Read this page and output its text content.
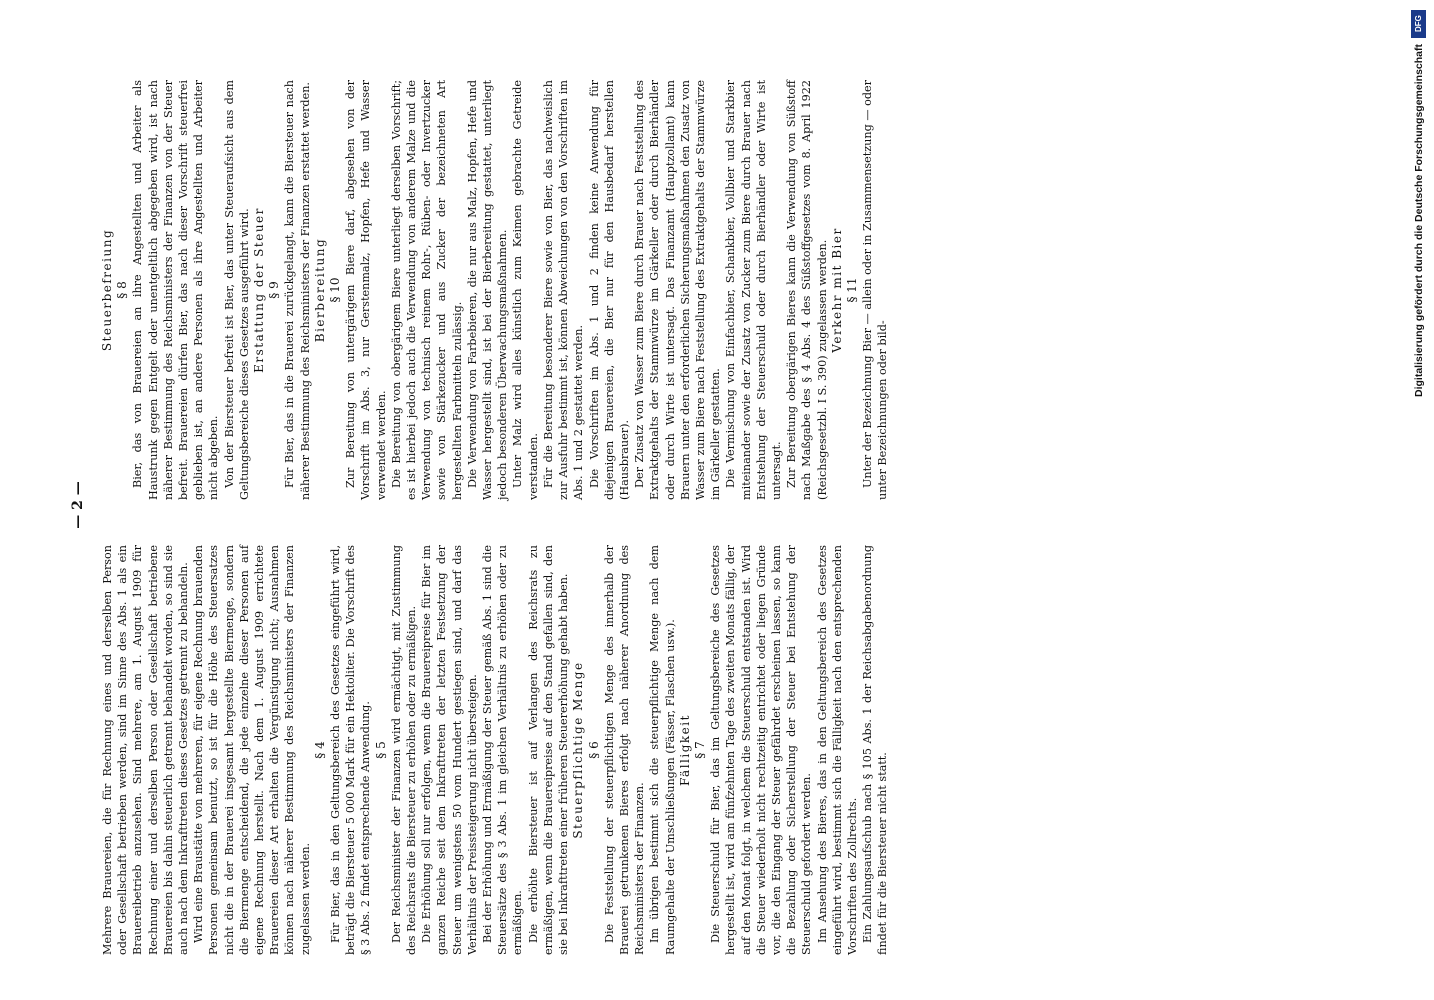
DFG
Digitalisierung gefördert durch die Deutsche Forschungsgemeinschaft
— 2 —

Mehrere Brauereien, die für Rechnung eines und derselben Person oder Gesellschaft betrieben werden, sind im Sinne des Abs. 1 als ein Brauereibetrieb anzusehen. Sind mehrere, am 1. August 1909 für Rechnung einer und derselben Person oder Gesellschaft betriebene Brauereien bis dahin steuerlich getrennt behandelt worden, so sind sie auch nach dem Inkrafttreten dieses Gesetzes getrennt zu behandeln. Wird eine Braustätte von mehreren, für eigene Rechnung brauenden Personen gemeinsam benutzt, so ist für die Höhe des Steuersatzes nicht die in der Brauerei insgesamt hergestellte Biermenge, sondern die Biermenge entscheidend, die jede einzelne dieser Personen auf eigene Rechnung herstellt. Nach dem 1. August 1909 errichtete Brauereien dieser Art erhalten die Vergünstigung nicht; Ausnahmen können nach näherer Bestimmung des Reichsministers der Finanzen zugelassen werden.

§ 4 Für Bier, das in den Geltungsbereich des Gesetzes eingeführt wird, beträgt die Biersteuer 5 000 Mark für ein Hektoliter. Die Vorschrift des § 3 Abs. 2 findet entsprechende Anwendung. § 5 Der Reichsminister der Finanzen wird ermächtigt, mit Zustimmung des Reichsrats die Biersteuer zu erhöhen oder zu ermäßigen. Die Erhöhung soll nur erfolgen, wenn die Brauereipreise für Bier im ganzen Reiche seit dem Inkrafttreten der letzten Festsetzung der Steuer um wenigstens 50 vom Hundert gestiegen sind, und darf das Verhältnis der Preissteigerung nicht übersteigen. Bei der Erhöhung und Ermäßigung der Steuer gemäß Abs. 1 sind die Steuersätze des § 3 Abs. 1 im gleichen Verhältnis zu erhöhen oder zu ermäßigen. Die erhöhte Biersteuer ist auf Verlangen des Reichsrats zu ermäßigen, wenn die Brauereipreise auf den Stand gefallen sind, den sie bei Inkrafttreten einer früheren Steuererhöhung gehabt haben. Steuerpflichtige Menge § 6 Die Feststellung der steuerpflichtigen Menge des innerhalb der Brauerei getrunkenen Bieres erfolgt nach näherer Anordnung des Reichsministers der Finanzen. Im übrigen bestimmt sich die steuerpflichtige Menge nach dem Raumgehalte der Umschließungen (Fässer, Flaschen usw.). Fälligkeit § 7 Die Steuerschuld für Bier, das im Geltungsbereiche des Gesetzes hergestellt ist, wird am fünfzehnten Tage des zweiten Monats fällig, der auf den Monat folgt, in welchem die Steuerschuld entstanden ist. Wird die Steuer wiederholt nicht rechtzeitig entrichtet oder liegen Gründe vor, die den Eingang der Steuer gefährdet erscheinen lassen, so kann die Bezahlung oder Sicherstellung der Steuer bei Entstehung der Steuerschuld gefordert werden. Im Ansehung des Bieres, das in den Geltungsbereich des Gesetzes eingeführt wird, bestimmt sich die Fälligkeit nach den entsprechenden Vorschriften des Zollrechts. Ein Zahlungsaufschub nach § 105 Abs. 1 der Reichsabgabenordnung findet für die Biersteuer nicht statt.

Steuerbefreiung § 8 Bier, das von Brauereien an ihre Angestellten und Arbeiter als Haustrunk gegen Entgelt oder unentgeltlich abgegeben wird, ist nach näherer Bestimmung des Reichsministers der Finanzen von der Steuer befreit. Brauereien dürfen Bier, das nach dieser Vorschrift steuerfrei geblieben ist, an andere Personen als ihre Angestellten und Arbeiter nicht abgeben. Von der Biersteuer befreit ist Bier, das unter Steueraufsicht aus dem Geltungsbereiche dieses Gesetzes ausgeführt wird. Erstattung der Steuer § 9 Für Bier, das in die Brauerei zurückgelangt, kann die Biersteuer nach näherer Bestimmung des Reichsministers der Finanzen erstattet werden. Bierbereitung § 10 Zur Bereitung von untergärigem Biere darf, abgesehen von der Vorschrift im Abs. 3, nur Gerstenmalz, Hopfen, Hefe und Wasser verwendet werden. Die Bereitung von obergärigem Biere unterliegt derselben Vorschrift; es ist hierbei jedoch auch die Verwendung von anderem Malze und die Verwendung von technisch reinem Rohr-, Rüben- oder Invertzucker sowie von Stärkezucker und aus Zucker der bezeichneten Art hergestellten Farbmitteln zulässig. Die Verwendung von Farbebieren, die nur aus Malz, Hopfen, Hefe und Wasser hergestellt sind, ist bei der Bierbereitung gestattet, unterliegt jedoch besonderen Überwachungsmaßnahmen. Unter Malz wird alles künstlich zum Keimen gebrachte Getreide verstanden. Für die Bereitung besonderer Biere sowie von Bier, das nachweislich zur Ausfuhr bestimmt ist, können Abweichungen von den Vorschriften im Abs. 1 und 2 gestattet werden. Die Vorschriften im Abs. 1 und 2 finden keine Anwendung für diejenigen Brauereien, die Bier nur für den Hausbedarf herstellen (Hausbrauer). Der Zusatz von Wasser zum Biere durch Brauer nach Feststellung des Extraktgehalts der Stammwürze im Gärkeller oder durch Bierhändler oder durch Wirte ist untersagt. Das Finanzamt (Hauptzollamt) kann Brauern unter den erforderlichen Sicherungsmaßnahmen den Zusatz von Wasser zum Biere nach Feststellung des Extraktgehalts der Stammwürze im Gärkeller gestatten. Die Vermischung von Einfachbier, Schankbier, Vollbier und Starkbier miteinander sowie der Zusatz von Zucker zum Biere durch Brauer nach Entstehung der Steuerschuld oder durch Bierhändler oder Wirte ist untersagt. Zur Bereitung obergärigen Bieres kann die Verwendung von Süßstoff nach Maßgabe des § 4 Abs. 4 des Süßstoffgesetzes vom 8. April 1922 (Reichsgesetzbl. I S. 390) zugelassen werden. Verkehr mit Bier § 11 Unter der Bezeichnung Bier — allein oder in Zusammensetzung — oder unter Bezeichnungen oder bild-
